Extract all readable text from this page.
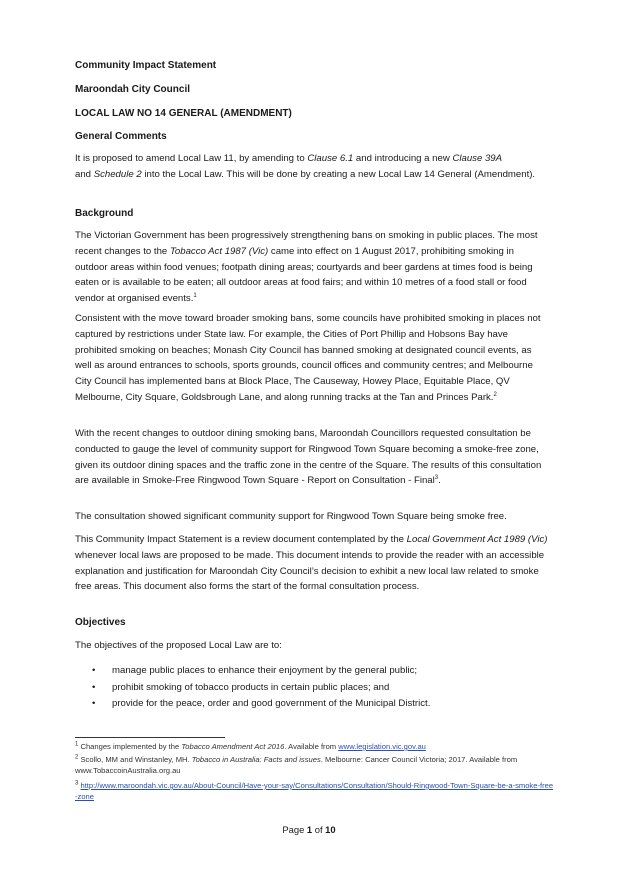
Community Impact Statement

Maroondah City Council

LOCAL LAW NO 14 GENERAL (AMENDMENT)

General Comments

It is proposed to amend Local Law 11, by amending to Clause 6.1 and introducing a new Clause 39A
and Schedule 2 into the Local Law. This will be done by creating a new Local Law 14 General (Amendment).

Background

The Victorian Government has been progressively strengthening bans on smoking in public places. The most recent changes to the Tobacco Act 1987 (Vic) came into effect on 1 August 2017, prohibiting smoking in outdoor areas within food venues; footpath dining areas; courtyards and beer gardens at times food is being eaten or is available to be eaten; all outdoor areas at food fairs; and within 10 metres of a food stall or food vendor at organised events.$^1$

Consistent with the move toward broader smoking bans, some councils have prohibited smoking in places not captured by restrictions under State law. For example, the Cities of Port Phillip and Hobsons Bay have prohibited smoking on beaches; Monash City Council has banned smoking at designated council events, as well as around entrances to schools, sports grounds, council offices and community centres; and Melbourne City Council has implemented bans at Block Place, The Causeway, Howey Place, Equitable Place, QV Melbourne, City Square, Goldsbrough Lane, and along running tracks at the Tan and Princes Park.$^2$

With the recent changes to outdoor dining smoking bans, Maroondah Councillors requested consultation be conducted to gauge the level of community support for Ringwood Town Square becoming a smoke-free zone, given its outdoor dining spaces and the traffic zone in the centre of the Square. The results of this consultation are available in Smoke-Free Ringwood Town Square - Report on Consultation - Final$^3$.

The consultation showed significant community support for Ringwood Town Square being smoke free.

This Community Impact Statement is a review document contemplated by the Local Government Act 1989 (Vic) whenever local laws are proposed to be made. This document intends to provide the reader with an accessible explanation and justification for Maroondah City Council’s decision to exhibit a new local law related to smoke free areas. This document also forms the start of the formal consultation process.

Objectives

The objectives of the proposed Local Law are to:

• manage public places to enhance their enjoyment by the general public;
• prohibit smoking of tobacco products in certain public places; and
• provide for the peace, order and good government of the Municipal District.

$^1$ Changes implemented by the Tobacco Amendment Act 2016. Available from www.legislation.vic.gov.au

$^2$ Scollo, MM and Winstanley, MH. Tobacco in Australia: Facts and issues. Melbourne: Cancer Council Victoria; 2017. Available from www.TobaccoinAustralia.org.au

$^3$ http://www.maroondah.vic.gov.au/About-Council/Have-your-say/Consultations/Consultation/Should-Ringwood-Town-Square-be-a-smoke-free-zone

Page 1 of 10
